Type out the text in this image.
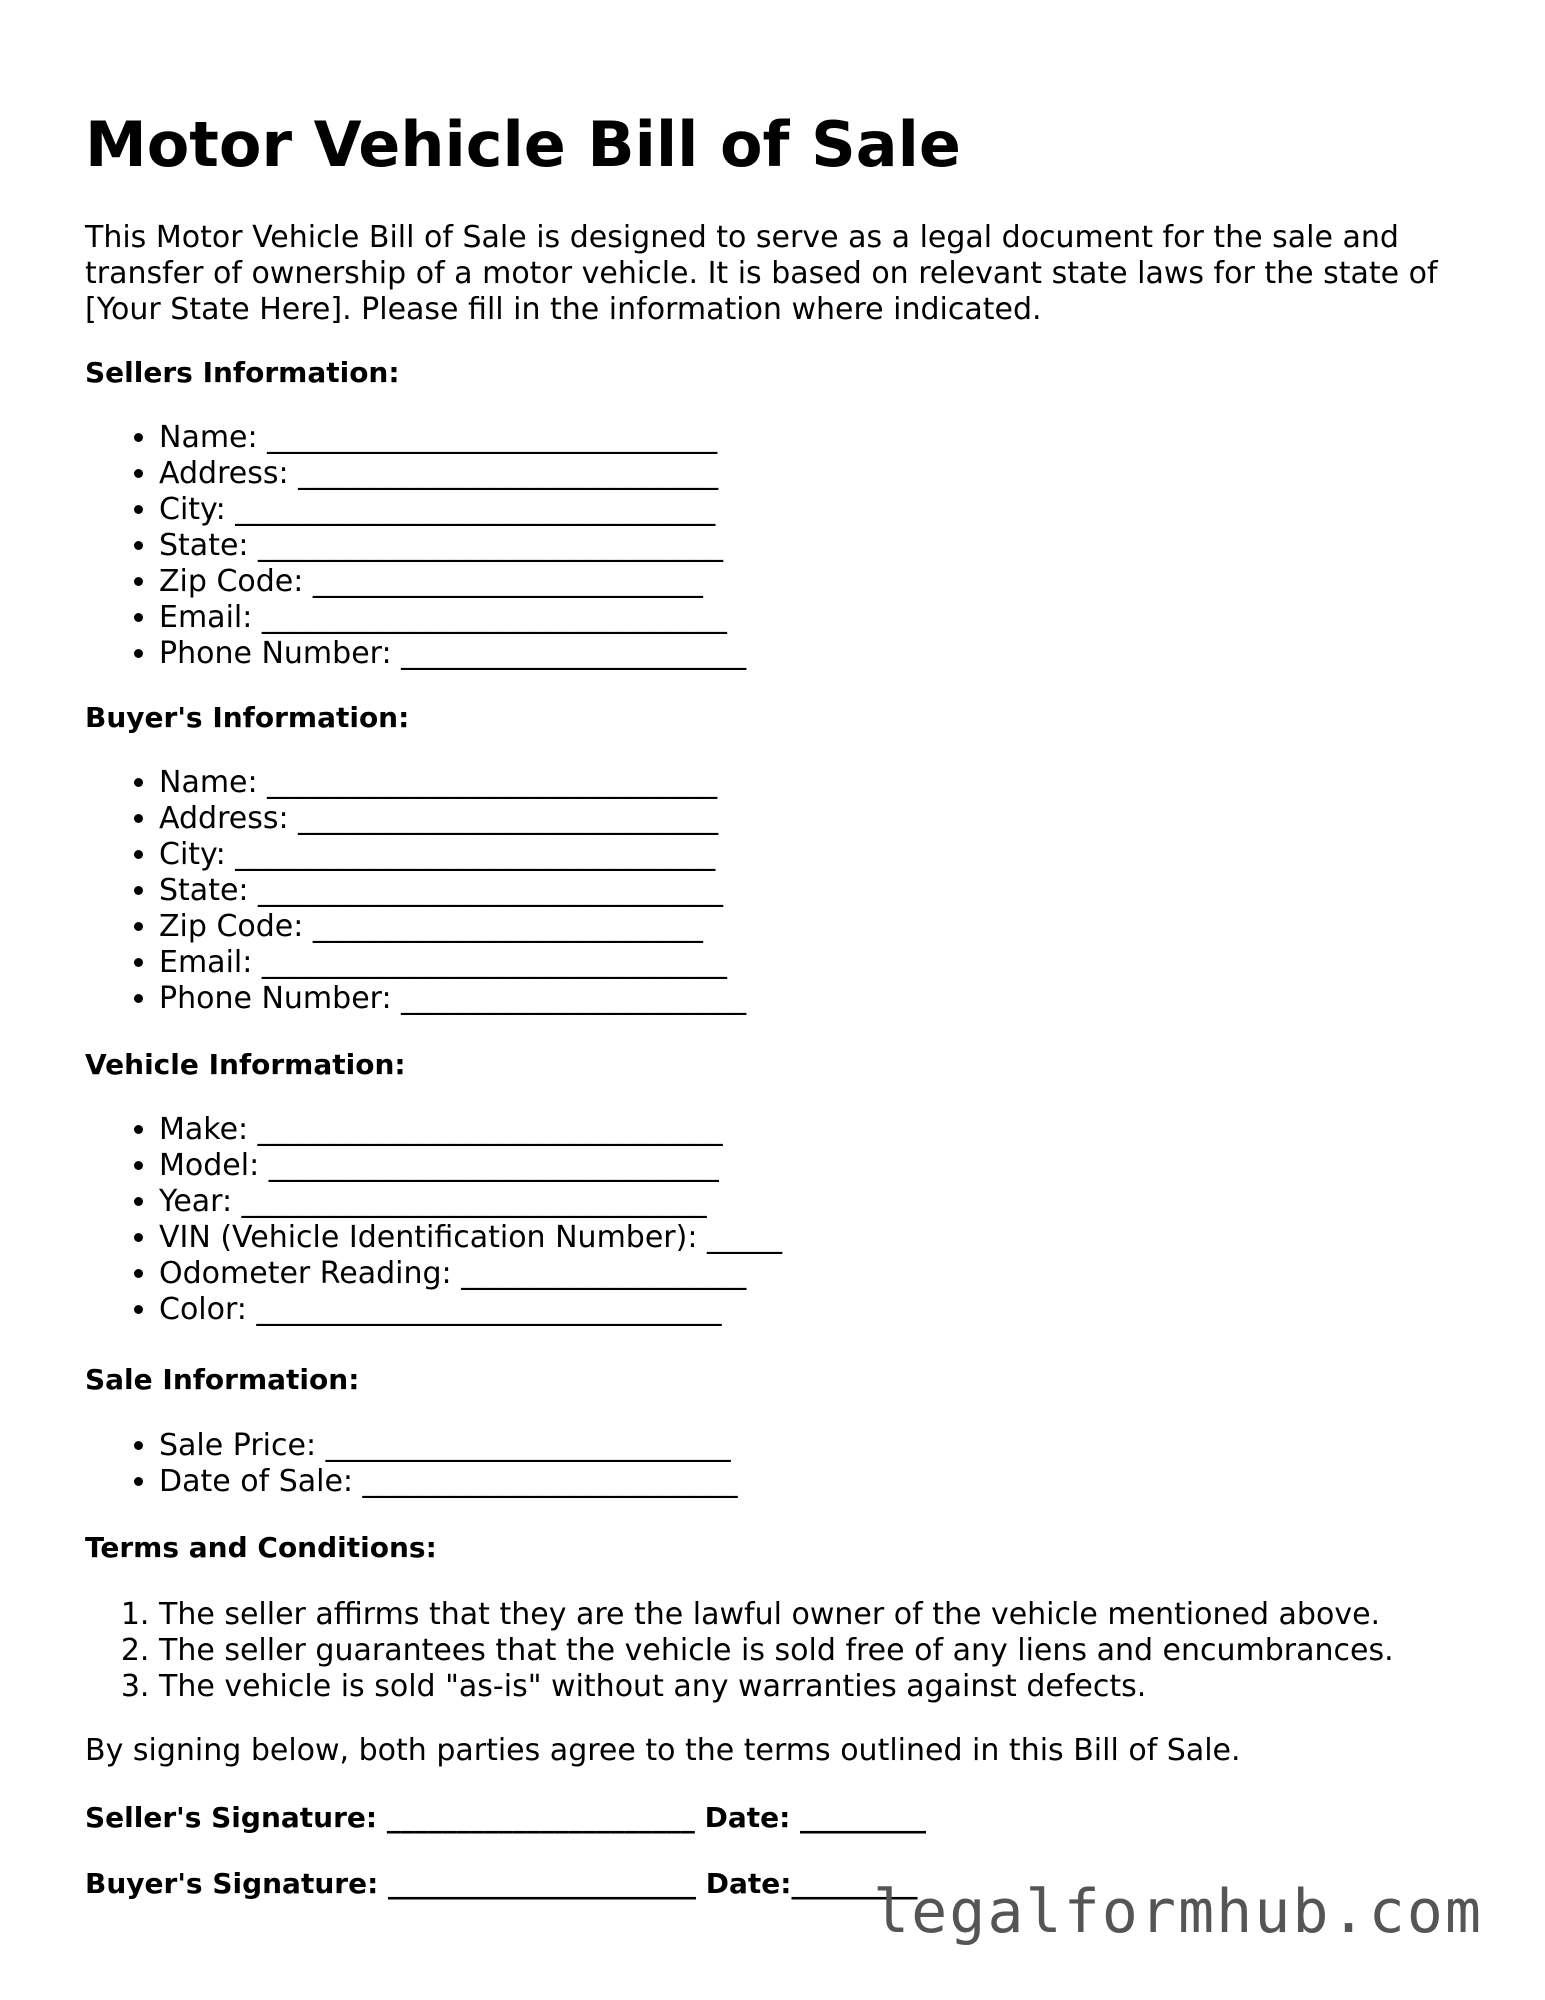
Motor Vehicle Bill of Sale

This Motor Vehicle Bill of Sale is designed to serve as a legal document for the sale and transfer of ownership of a motor vehicle. It is based on relevant state laws for the state of [Your State Here]. Please fill in the information where indicated.

Sellers Information:

• Name: ______________________________
• Address: ____________________________
• City: ________________________________
• State: _______________________________
• Zip Code: __________________________
• Email: _______________________________
• Phone Number: _______________________

Buyer's Information:

• Name: ______________________________
• Address: ____________________________
• City: ________________________________
• State: _______________________________
• Zip Code: __________________________
• Email: _______________________________
• Phone Number: _______________________

Vehicle Information:

• Make: _______________________________
• Model: ______________________________
• Year: _______________________________
• VIN (Vehicle Identification Number): _____
• Odometer Reading: ___________________
• Color: _______________________________

Sale Information:

• Sale Price: ___________________________
• Date of Sale: _________________________

Terms and Conditions:

1. The seller affirms that they are the lawful owner of the vehicle mentioned above.
2. The seller guarantees that the vehicle is sold free of any liens and encumbrances.
3. The vehicle is sold "as-is" without any warranties against defects.

By signing below, both parties agree to the terms outlined in this Bill of Sale.

Seller's Signature: ______________________ Date: _________

Buyer's Signature: ______________________ Date:_________

legalformhub.com
